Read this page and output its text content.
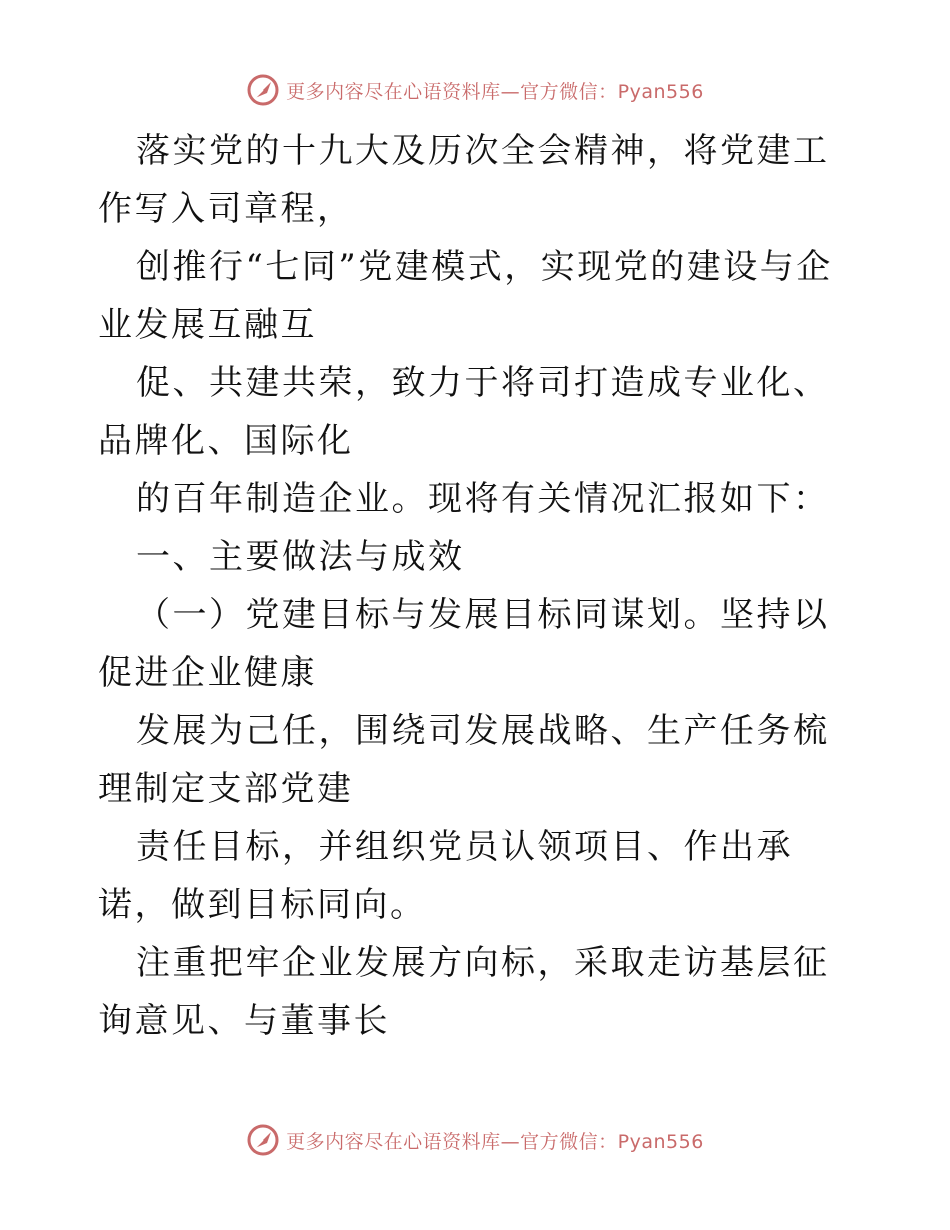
更多内容尽在心语资料库—官方微信：Pyan556

落实党的十九大及历次全会精神，将党建工作写入司章程，

创推行“七同”党建模式，实现党的建设与企业发展互融互

促、共建共荣，致力于将司打造成专业化、品牌化、国际化

的百年制造企业。现将有关情况汇报如下：

一、主要做法与成效

（一）党建目标与发展目标同谋划。坚持以促进企业健康

发展为己任，围绕司发展战略、生产任务梳理制定支部党建

责任目标，并组织党员认领项目、作出承诺，做到目标同向。

注重把牢企业发展方向标，采取走访基层征询意见、与董事长

更多内容尽在心语资料库—官方微信：Pyan556
